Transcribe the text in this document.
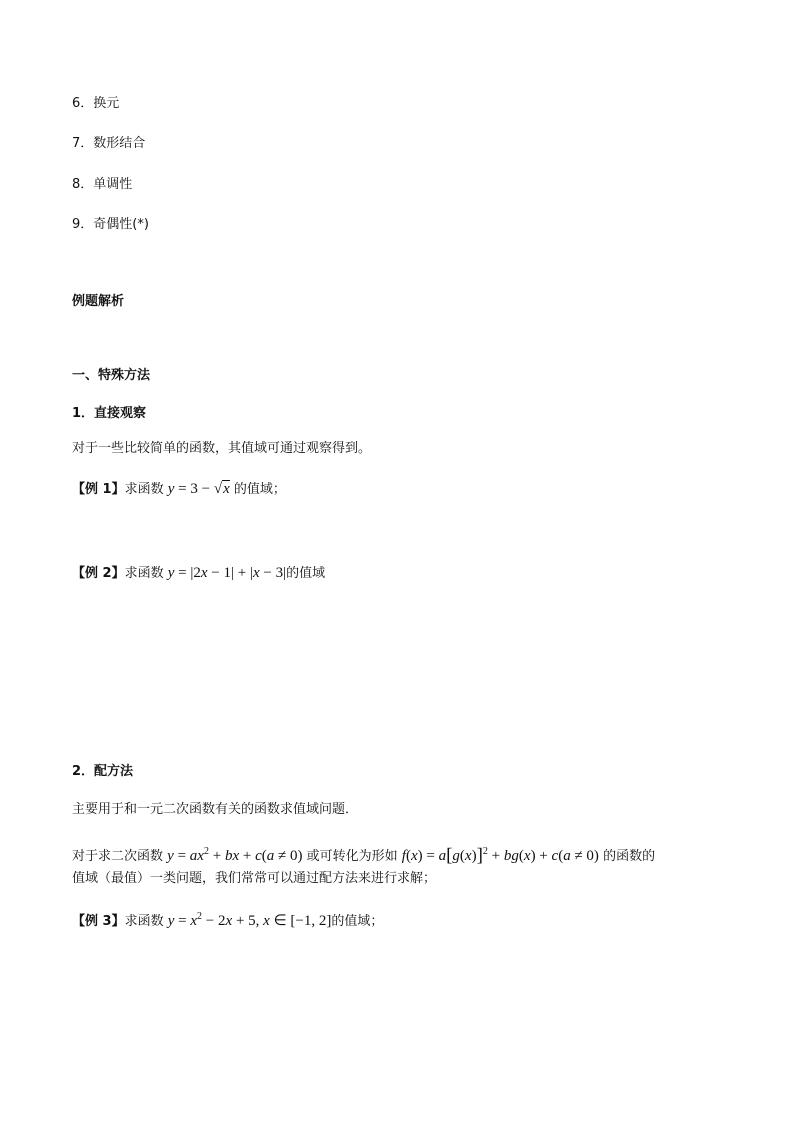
6．换元
7．数形结合
8．单调性
9．奇偶性(*)
例题解析
一、特殊方法
1．直接观察
对于一些比较简单的函数，其值域可通过观察得到。
【例 1】求函数 y = 3 − √x 的值域；
【例 2】求函数 y = |2x − 1| + |x − 3|的值域
2．配方法
主要用于和一元二次函数有关的函数求值域问题．
对于求二次函数 $y = ax^2$ + bx + c(a ≠ 0) 或可转化为形如 $f(x) = a[g(x)]^2 + bg(x) + c(a \ne 0)$ 的函数的
值域（最值）一类问题，我们常常可以通过配方法来进行求解；
【例 3】求函数 $y = x^2 - 2x + 5$, x ∈ [−1, 2]的值域；
